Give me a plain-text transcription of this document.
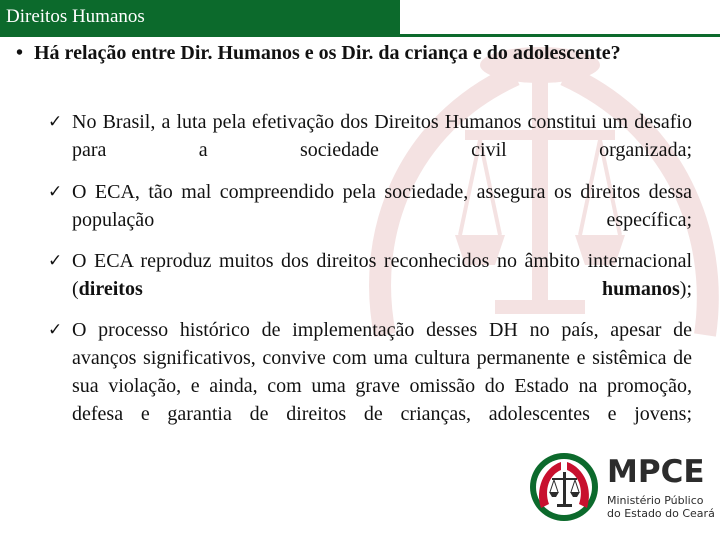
Direitos Humanos
• Há relação entre Dir. Humanos e os Dir. da criança e do adolescente?
✓ No Brasil, a luta pela efetivação dos Direitos Humanos constitui um desafio para a sociedade civil organizada;
✓ O ECA, tão mal compreendido pela sociedade, assegura os direitos dessa população específica;
✓ O ECA reproduz muitos dos direitos reconhecidos no âmbito internacional (direitos humanos);
✓ O processo histórico de implementação desses DH no país, apesar de avanços significativos, convive com uma cultura permanente e sistêmica de sua violação, e ainda, com uma grave omissão do Estado na promoção, defesa e garantia de direitos de crianças, adolescentes e jovens;
MPCE
Ministério Público
do Estado do Ceará
